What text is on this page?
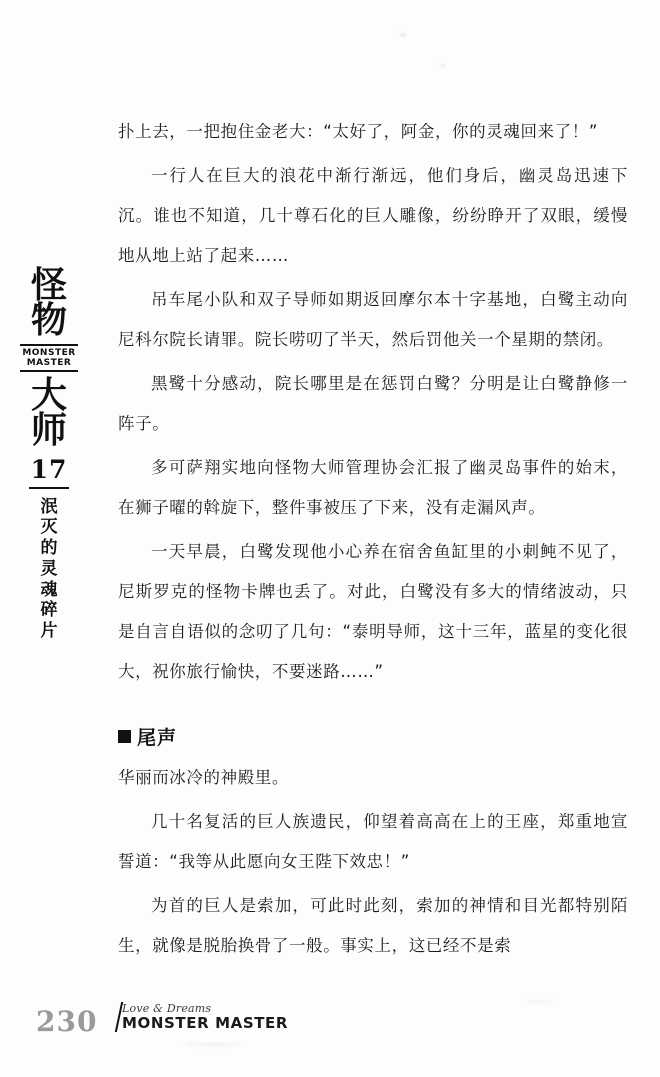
怪物
MONSTER
MASTER
大师
17
泯灭的灵魂碎片

扑上去，一把抱住金老大：“太好了，阿金，你的灵魂回来了！”

一行人在巨大的浪花中渐行渐远，他们身后，幽灵岛迅速下沉。谁也不知道，几十尊石化的巨人雕像，纷纷睁开了双眼，缓慢地从地上站了起来……

吊车尾小队和双子导师如期返回摩尔本十字基地，白鹭主动向尼科尔院长请罪。院长唠叨了半天，然后罚他关一个星期的禁闭。

黑鹭十分感动，院长哪里是在惩罚白鹭？分明是让白鹭静修一阵子。

多可萨翔实地向怪物大师管理协会汇报了幽灵岛事件的始末，在狮子曜的斡旋下，整件事被压了下来，没有走漏风声。

一天早晨，白鹭发现他小心养在宿舍鱼缸里的小刺鲀不见了，尼斯罗克的怪物卡牌也丢了。对此，白鹭没有多大的情绪波动，只是自言自语似的念叨了几句：“泰明导师，这十三年，蓝星的变化很大，祝你旅行愉快，不要迷路……”

尾声

华丽而冰冷的神殿里。

几十名复活的巨人族遗民，仰望着高高在上的王座，郑重地宣誓道：“我等从此愿向女王陛下效忠！”

为首的巨人是索加，可此时此刻，索加的神情和目光都特别陌生，就像是脱胎换骨了一般。事实上，这已经不是索

230 Love & Dreams
MONSTER MASTER
